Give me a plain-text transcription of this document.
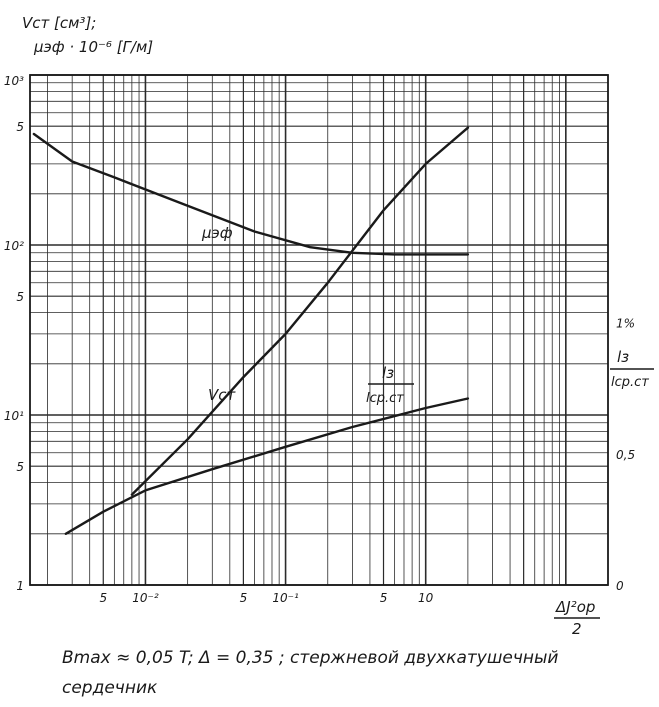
5 10⁻²	5 10⁻¹	5	10
1
5
10¹
5
10²
5
10³
0
0,5
1%
Vст [см³];
μэф · 10⁻⁶ [Г/м]
ΔJ²ор
2
lз
lср.ст
μэф
Vст
lз
lср.ст
Bmax ≈ 0,05 T; Δ = 0,35 ; стержневой двухкатушечный
сердечник
